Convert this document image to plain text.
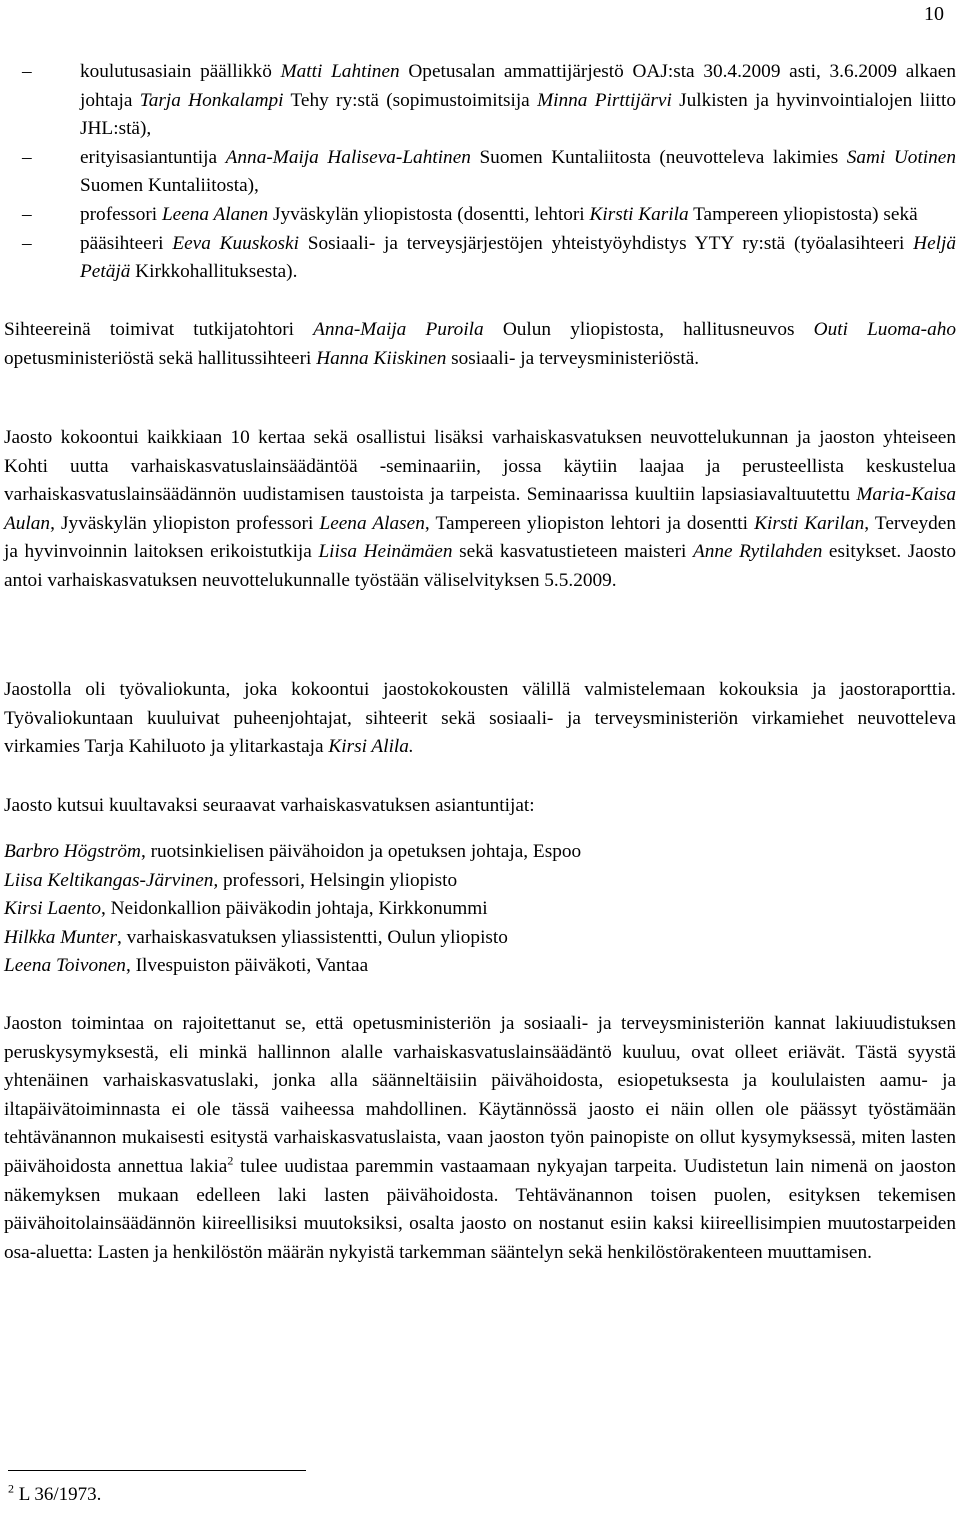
10
–	koulutusasiain päällikkö Matti Lahtinen Opetusalan ammattijärjestö OAJ:sta 30.4.2009 asti, 3.6.2009 alkaen johtaja Tarja Honkalampi Tehy ry:stä (sopimustoimitsija Minna Pirttijärvi Julkisten ja hyvinvointialojen liitto JHL:stä),
–	erityisasiantuntija Anna-Maija Haliseva-Lahtinen Suomen Kuntaliitosta (neuvotteleva lakimies Sami Uotinen Suomen Kuntaliitosta),
–	professori Leena Alanen Jyväskylän yliopistosta (dosentti, lehtori Kirsti Karila Tampereen yliopistosta) sekä
–	pääsihteeri Eeva Kuuskoski Sosiaali- ja terveysjärjestöjen yhteistyöyhdistys YTY ry:stä (työalasihteeri Heljä Petäjä Kirkkohallituksesta).

Sihteereinä toimivat tutkijatohtori Anna-Maija Puroila Oulun yliopistosta, hallitusneuvos Outi Luoma-aho opetusministeriöstä sekä hallitussihteeri Hanna Kiiskinen sosiaali- ja terveysministeriöstä.

Jaosto kokoontui kaikkiaan 10 kertaa sekä osallistui lisäksi varhaiskasvatuksen neuvottelukunnan ja jaoston yhteiseen Kohti uutta varhaiskasvatuslainsäädäntöä -seminaariin, jossa käytiin laajaa ja perusteellista keskustelua varhaiskasvatuslainsäädännön uudistamisen taustoista ja tarpeista. Seminaarissa kuultiin lapsiasiavaltuutettu Maria-Kaisa Aulan, Jyväskylän yliopiston professori Leena Alasen, Tampereen yliopiston lehtori ja dosentti Kirsti Karilan, Terveyden ja hyvinvoinnin laitoksen erikoistutkija Liisa Heinämäen sekä kasvatustieteen maisteri Anne Rytilahden esitykset. Jaosto antoi varhaiskasvatuksen neuvottelukunnalle työstään väliselvityksen 5.5.2009.

Jaostolla oli työvaliokunta, joka kokoontui jaostokokousten välillä valmistelemaan kokouksia ja jaostoraporttia. Työvaliokuntaan kuuluivat puheenjohtajat, sihteerit sekä sosiaali- ja terveysministeriön virkamiehet neuvotteleva virkamies Tarja Kahiluoto ja ylitarkastaja Kirsi Alila.

Jaosto kutsui kuultavaksi seuraavat varhaiskasvatuksen asiantuntijat:

Barbro Högström, ruotsinkielisen päivähoidon ja opetuksen johtaja, Espoo
Liisa Keltikangas-Järvinen, professori, Helsingin yliopisto
Kirsi Laento, Neidonkallion päiväkodin johtaja, Kirkkonummi
Hilkka Munter, varhaiskasvatuksen yliassistentti, Oulun yliopisto
Leena Toivonen, Ilvespuiston päiväkoti, Vantaa

Jaoston toimintaa on rajoitettanut se, että opetusministeriön ja sosiaali- ja terveysministeriön kannat lakiuudistuksen peruskysymyksestä, eli minkä hallinnon alalle varhaiskasvatuslainsäädäntö kuuluu, ovat olleet eriävät. Tästä syystä yhtenäinen varhaiskasvatuslaki, jonka alla säänneltäisiin päivähoidosta, esiopetuksesta ja koululaisten aamu- ja iltapäivätoiminnasta ei ole tässä vaiheessa mahdollinen. Käytännössä jaosto ei näin ollen ole päässyt työstämään tehtävänannon mukaisesti esitystä varhaiskasvatuslaista, vaan jaoston työn painopiste on ollut kysymyksessä, miten lasten päivähoidosta annettua lakia$^2$ tulee uudistaa paremmin vastaamaan nykyajan tarpeita. Uudistetun lain nimenä on jaoston näkemyksen mukaan edelleen laki lasten päivähoidosta. Tehtävänannon toisen puolen, esityksen tekemisen päivähoitolainsäädännön kiireellisiksi muutoksiksi, osalta jaosto on nostanut esiin kaksi kiireellisimpien muutostarpeiden osa-aluetta: Lasten ja henkilöstön määrän nykyistä tarkemman sääntelyn sekä henkilöstörakenteen muuttamisen.

$^2$ L 36/1973.
